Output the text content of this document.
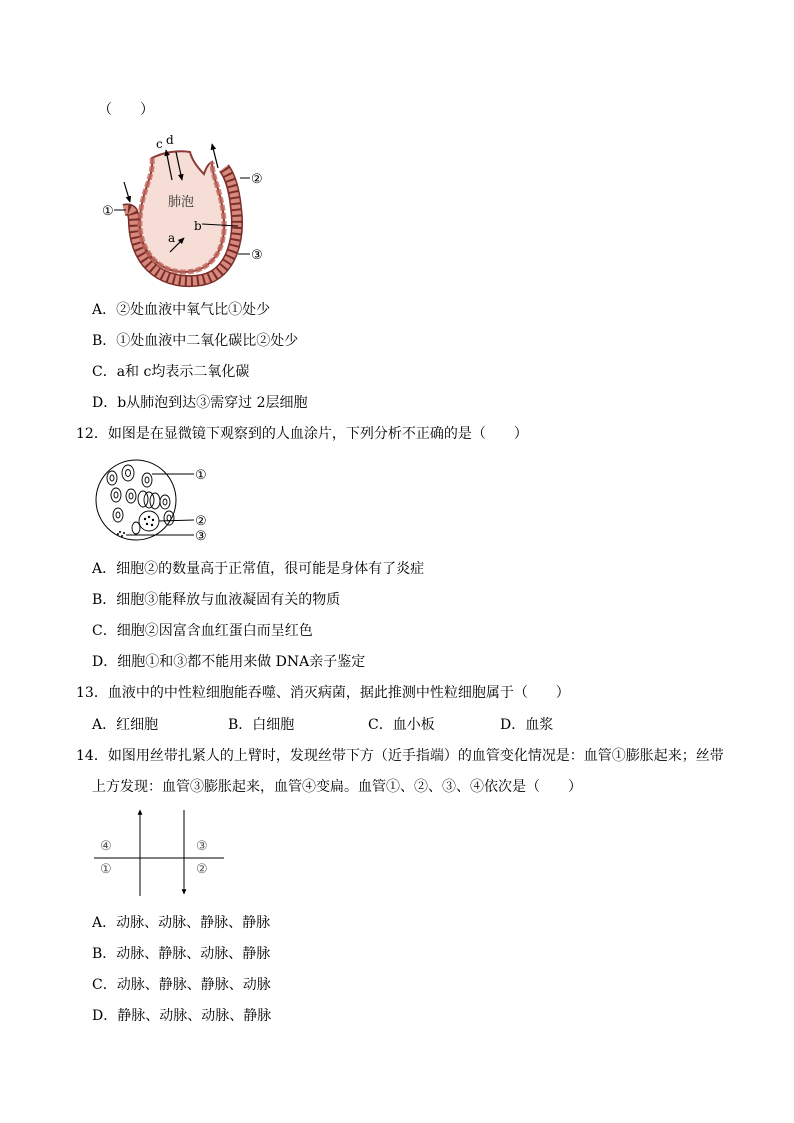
（　　）
肺泡
a
b
c d
①
②
③
A．②处血液中氧气比①处少
B．①处血液中二氧化碳比②处少
C．a和 c均表示二氧化碳
D．b从肺泡到达③需穿过 2层细胞
12．如图是在显微镜下观察到的人血涂片，下列分析不正确的是（　　）
①
②
③
A．细胞②的数量高于正常值，很可能是身体有了炎症
B．细胞③能释放与血液凝固有关的物质
C．细胞②因富含血红蛋白而呈红色
D．细胞①和③都不能用来做 DNA亲子鉴定
13．血液中的中性粒细胞能吞噬、消灭病菌，据此推测中性粒细胞属于（　　）
A．红细胞	B．白细胞	C．血小板	D．血浆
14．如图用丝带扎紧人的上臂时，发现丝带下方（近手指端）的血管变化情况是：血管①膨胀起来；丝带
上方发现：血管③膨胀起来，血管④变扁。血管①、②、③、④依次是（　　）
④
①
③
②
A．动脉、动脉、静脉、静脉
B．动脉、静脉、动脉、静脉
C．动脉、静脉、静脉、动脉
D．静脉、动脉、动脉、静脉
